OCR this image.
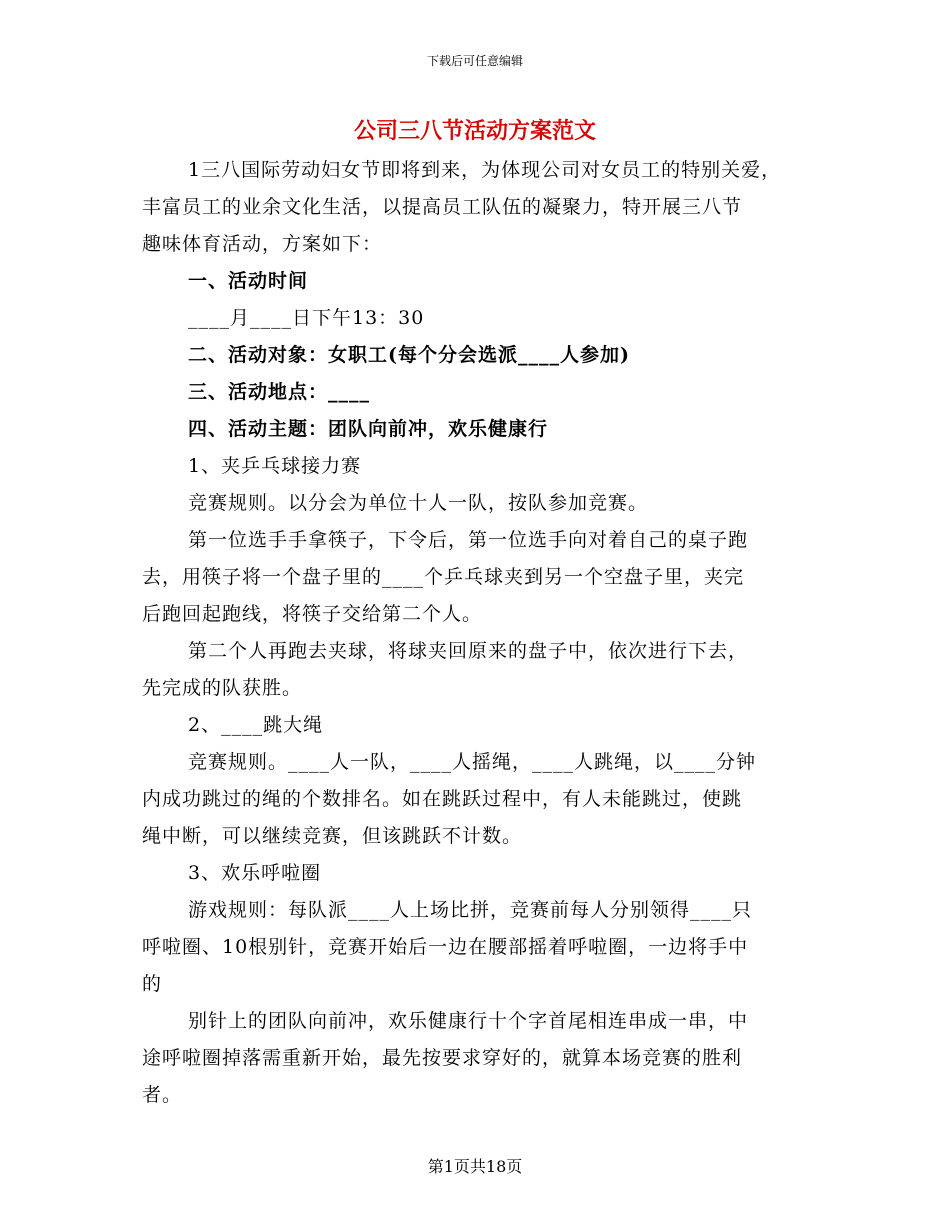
下载后可任意编辑
公司三八节活动方案范文

1三八国际劳动妇女节即将到来，为体现公司对女员工的特别关爱，

丰富员工的业余文化生活，以提高员工队伍的凝聚力，特开展三八节

趣味体育活动，方案如下：

一、活动时间

____月____日下午13：30

二、活动对象：女职工(每个分会选派____人参加)

三、活动地点：____

四、活动主题：团队向前冲，欢乐健康行

1、夹乒乓球接力赛

竞赛规则。以分会为单位十人一队，按队参加竞赛。

第一位选手手拿筷子，下令后，第一位选手向对着自己的桌子跑

去，用筷子将一个盘子里的____个乒乓球夹到另一个空盘子里，夹完

后跑回起跑线，将筷子交给第二个人。

第二个人再跑去夹球，将球夹回原来的盘子中，依次进行下去，

先完成的队获胜。

2、____跳大绳

竞赛规则。____人一队，____人摇绳，____人跳绳，以____分钟

内成功跳过的绳的个数排名。如在跳跃过程中，有人未能跳过，使跳

绳中断，可以继续竞赛，但该跳跃不计数。

3、欢乐呼啦圈

游戏规则：每队派____人上场比拼，竞赛前每人分别领得____只

呼啦圈、10根别针，竞赛开始后一边在腰部摇着呼啦圈，一边将手中

的

别针上的团队向前冲，欢乐健康行十个字首尾相连串成一串，中

途呼啦圈掉落需重新开始，最先按要求穿好的，就算本场竞赛的胜利

者。

第1页共18页
